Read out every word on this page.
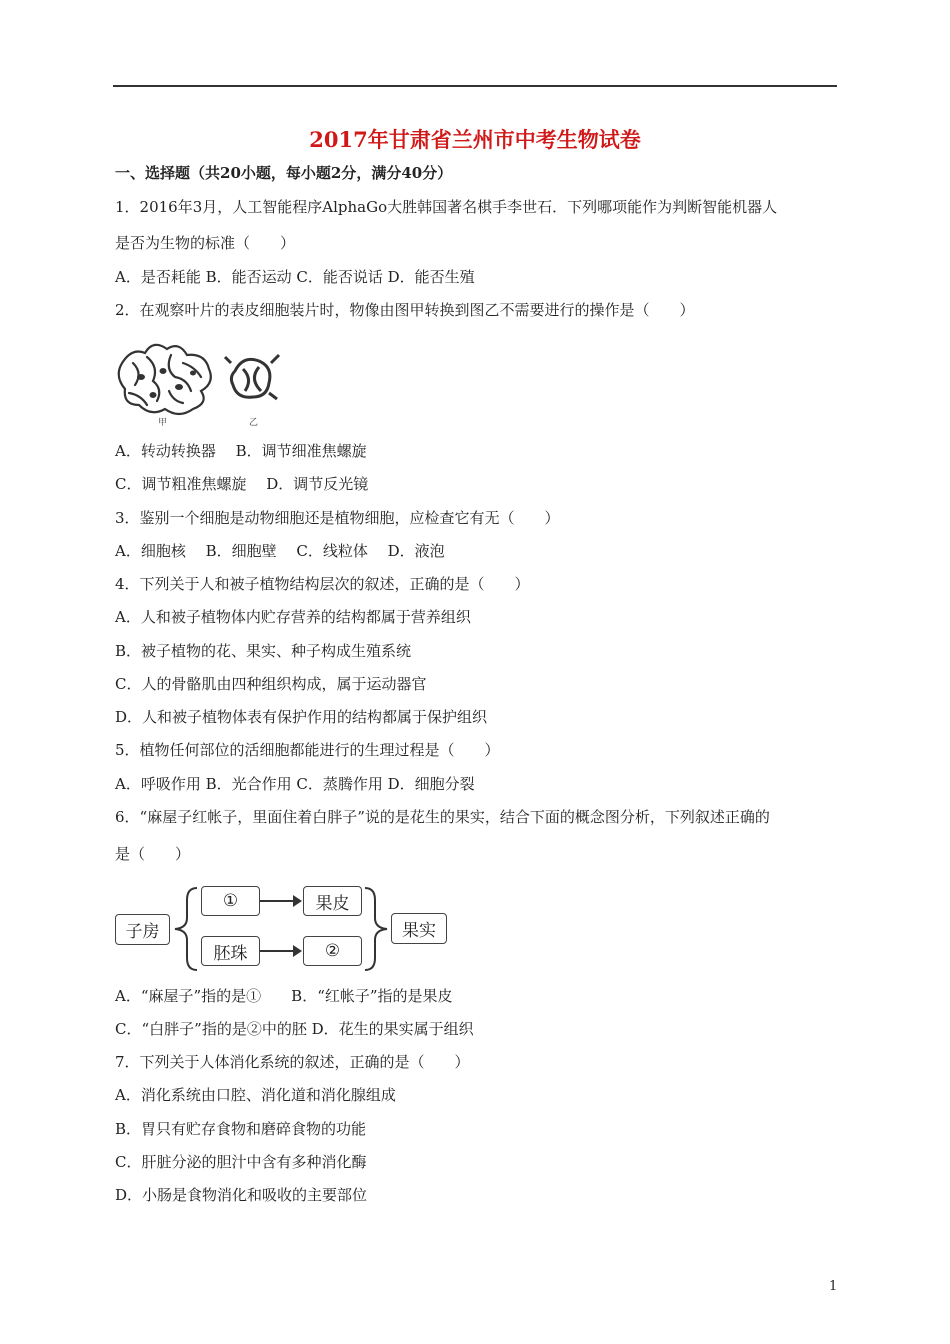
2017年甘肃省兰州市中考生物试卷
一、选择题（共20小题，每小题2分，满分40分）
1．2016年3月，人工智能程序AlphaGo大胜韩国著名棋手李世石．下列哪项能作为判断智能机器人
是否为生物的标准（　　）
A．是否耗能 B．能否运动 C．能否说话 D．能否生殖
2．在观察叶片的表皮细胞装片时，物像由图甲转换到图乙不需要进行的操作是（　　）
甲	乙
A．转动转换器　 B．调节细准焦螺旋
C．调节粗准焦螺旋　 D．调节反光镜
3．鉴别一个细胞是动物细胞还是植物细胞，应检查它有无（　　）
A．细胞核　 B．细胞壁　 C．线粒体　 D．液泡
4．下列关于人和被子植物结构层次的叙述，正确的是（　　）
A．人和被子植物体内贮存营养的结构都属于营养组织
B．被子植物的花、果实、种子构成生殖系统
C．人的骨骼肌由四种组织构成，属于运动器官
D．人和被子植物体表有保护作用的结构都属于保护组织
5．植物任何部位的活细胞都能进行的生理过程是（　　）
A．呼吸作用 B．光合作用 C．蒸腾作用 D．细胞分裂
6．“麻屋子红帐子，里面住着白胖子”说的是花生的果实，结合下面的概念图分析，下列叙述正确的
是（　　）
子房
①	果皮
胚珠	②
果实
A．“麻屋子”指的是①　　B．“红帐子”指的是果皮
C．“白胖子”指的是②中的胚 D．花生的果实属于组织
7．下列关于人体消化系统的叙述，正确的是（　　）
A．消化系统由口腔、消化道和消化腺组成
B．胃只有贮存食物和磨碎食物的功能
C．肝脏分泌的胆汁中含有多种消化酶
D．小肠是食物消化和吸收的主要部位
1
